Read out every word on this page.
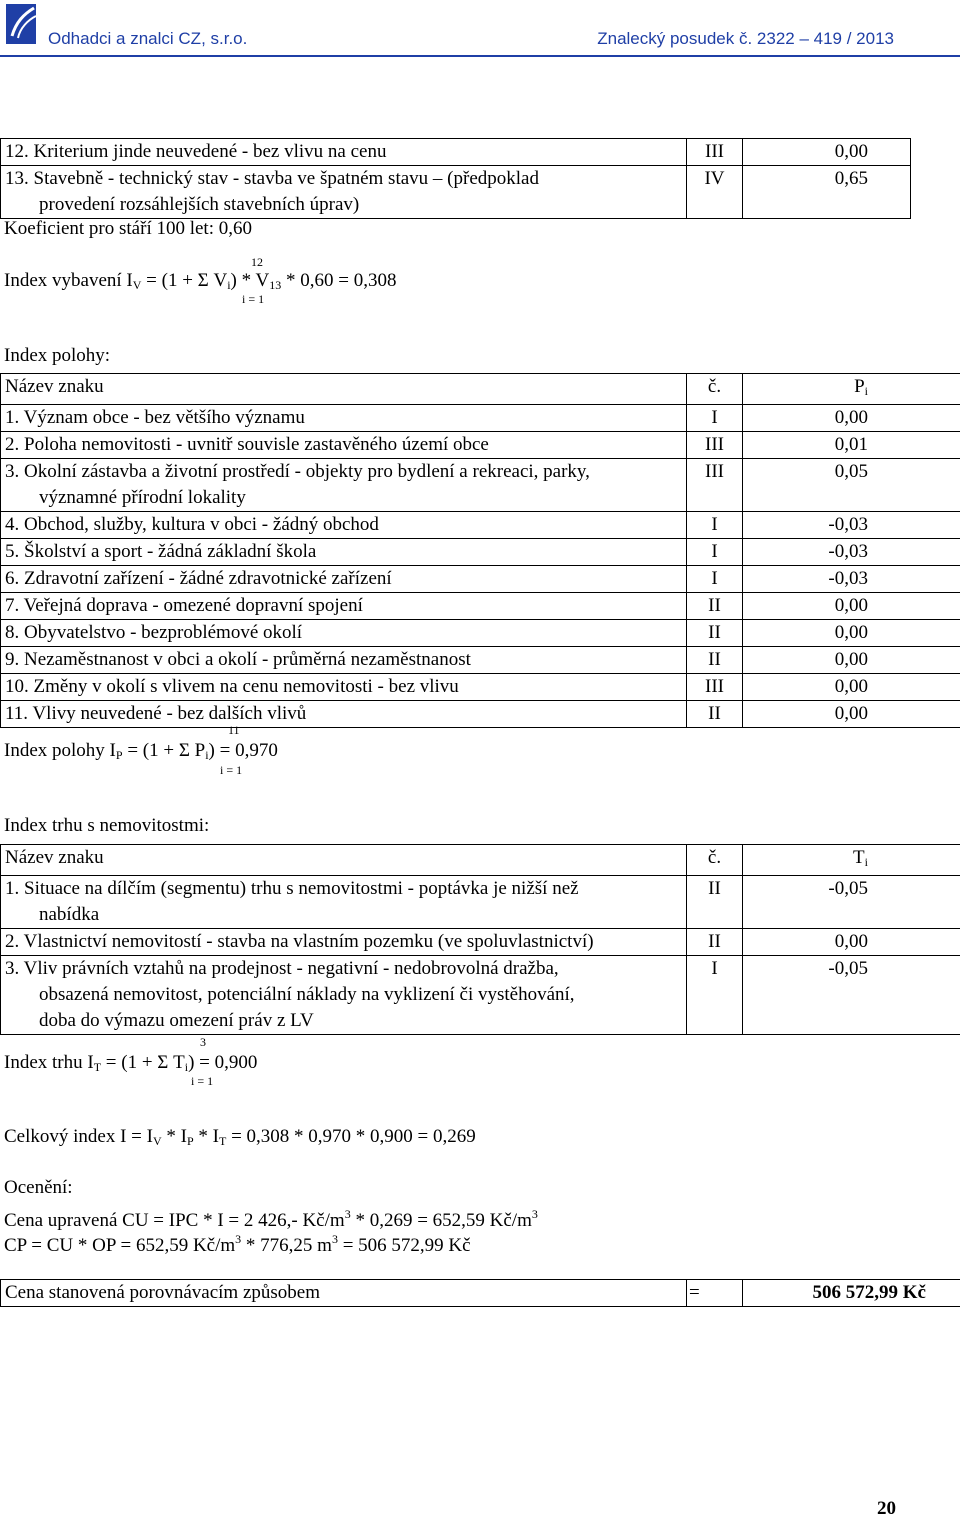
Odhadci a znalci CZ, s.r.o.	Znalecký posudek č. 2322 – 419 / 2013
12. Kriterium jinde neuvedené - bez vlivu na cenu	III	0,00
13. Stavebně - technický stav - stavba ve špatném stavu – (předpoklad
provedení rozsáhlejších stavebních úprav)	IV	0,65
Koeficient pro stáří 100 let: 0,60
12
Index vybavení $I_V = (1 + \Sigma$ $V_i) * V_{13} * 0,60 = 0,308$
i = 1
Index polohy:
Název znaku	č.	$P_i$
1. Význam obce - bez většího významu	I	0,00
2. Poloha nemovitosti - uvnitř souvisle zastavěného území obce	III	0,01
3. Okolní zástavba a životní prostředí - objekty pro bydlení a rekreaci, parky,
významné přírodní lokality	III	0,05
4. Obchod, služby, kultura v obci - žádný obchod	I	-0,03
5. Školství a sport - žádná základní škola	I	-0,03
6. Zdravotní zařízení - žádné zdravotnické zařízení	I	-0,03
7. Veřejná doprava - omezené dopravní spojení	II	0,00
8. Obyvatelstvo - bezproblémové okolí	II	0,00
9. Nezaměstnanost v obci a okolí - průměrná nezaměstnanost	II	0,00
10. Změny v okolí s vlivem na cenu nemovitosti - bez vlivu	III	0,00
11. Vlivy neuvedené - bez dalších vlivů	II	0,00
11
Index polohy $I_P = (1 + \Sigma$ $P_i) = 0,970$
i = 1
Index trhu s nemovitostmi:
Název znaku	č.	$T_i$
1. Situace na dílčím (segmentu) trhu s nemovitostmi - poptávka je nižší než
nabídka	II	-0,05
2. Vlastnictví nemovitostí - stavba na vlastním pozemku (ve spoluvlastnictví)	II	0,00
3. Vliv právních vztahů na prodejnost - negativní - nedobrovolná dražba,
obsazená nemovitost, potenciální náklady na vyklizení či vystěhování,
doba do výmazu omezení práv z LV	I	-0,05
3
Index trhu $I_T = (1 + \Sigma$ $T_i) = 0,900$
i = 1
Celkový index $I = I_V * I_P * I_T = 0,308 * 0,970 * 0,900 = 0,269$
Ocenění:
Cena upravená CU = IPC * I = 2 426,- $Kč/m^3 * 0,269 = 652,59$ $Kč/m^3$
CP = CU * OP = 652,59 $Kč/m^3 * 776,25$ $m^3 = 506$ 572,99 Kč
Cena stanovená porovnávacím způsobem	=	506 572,99 Kč
20
